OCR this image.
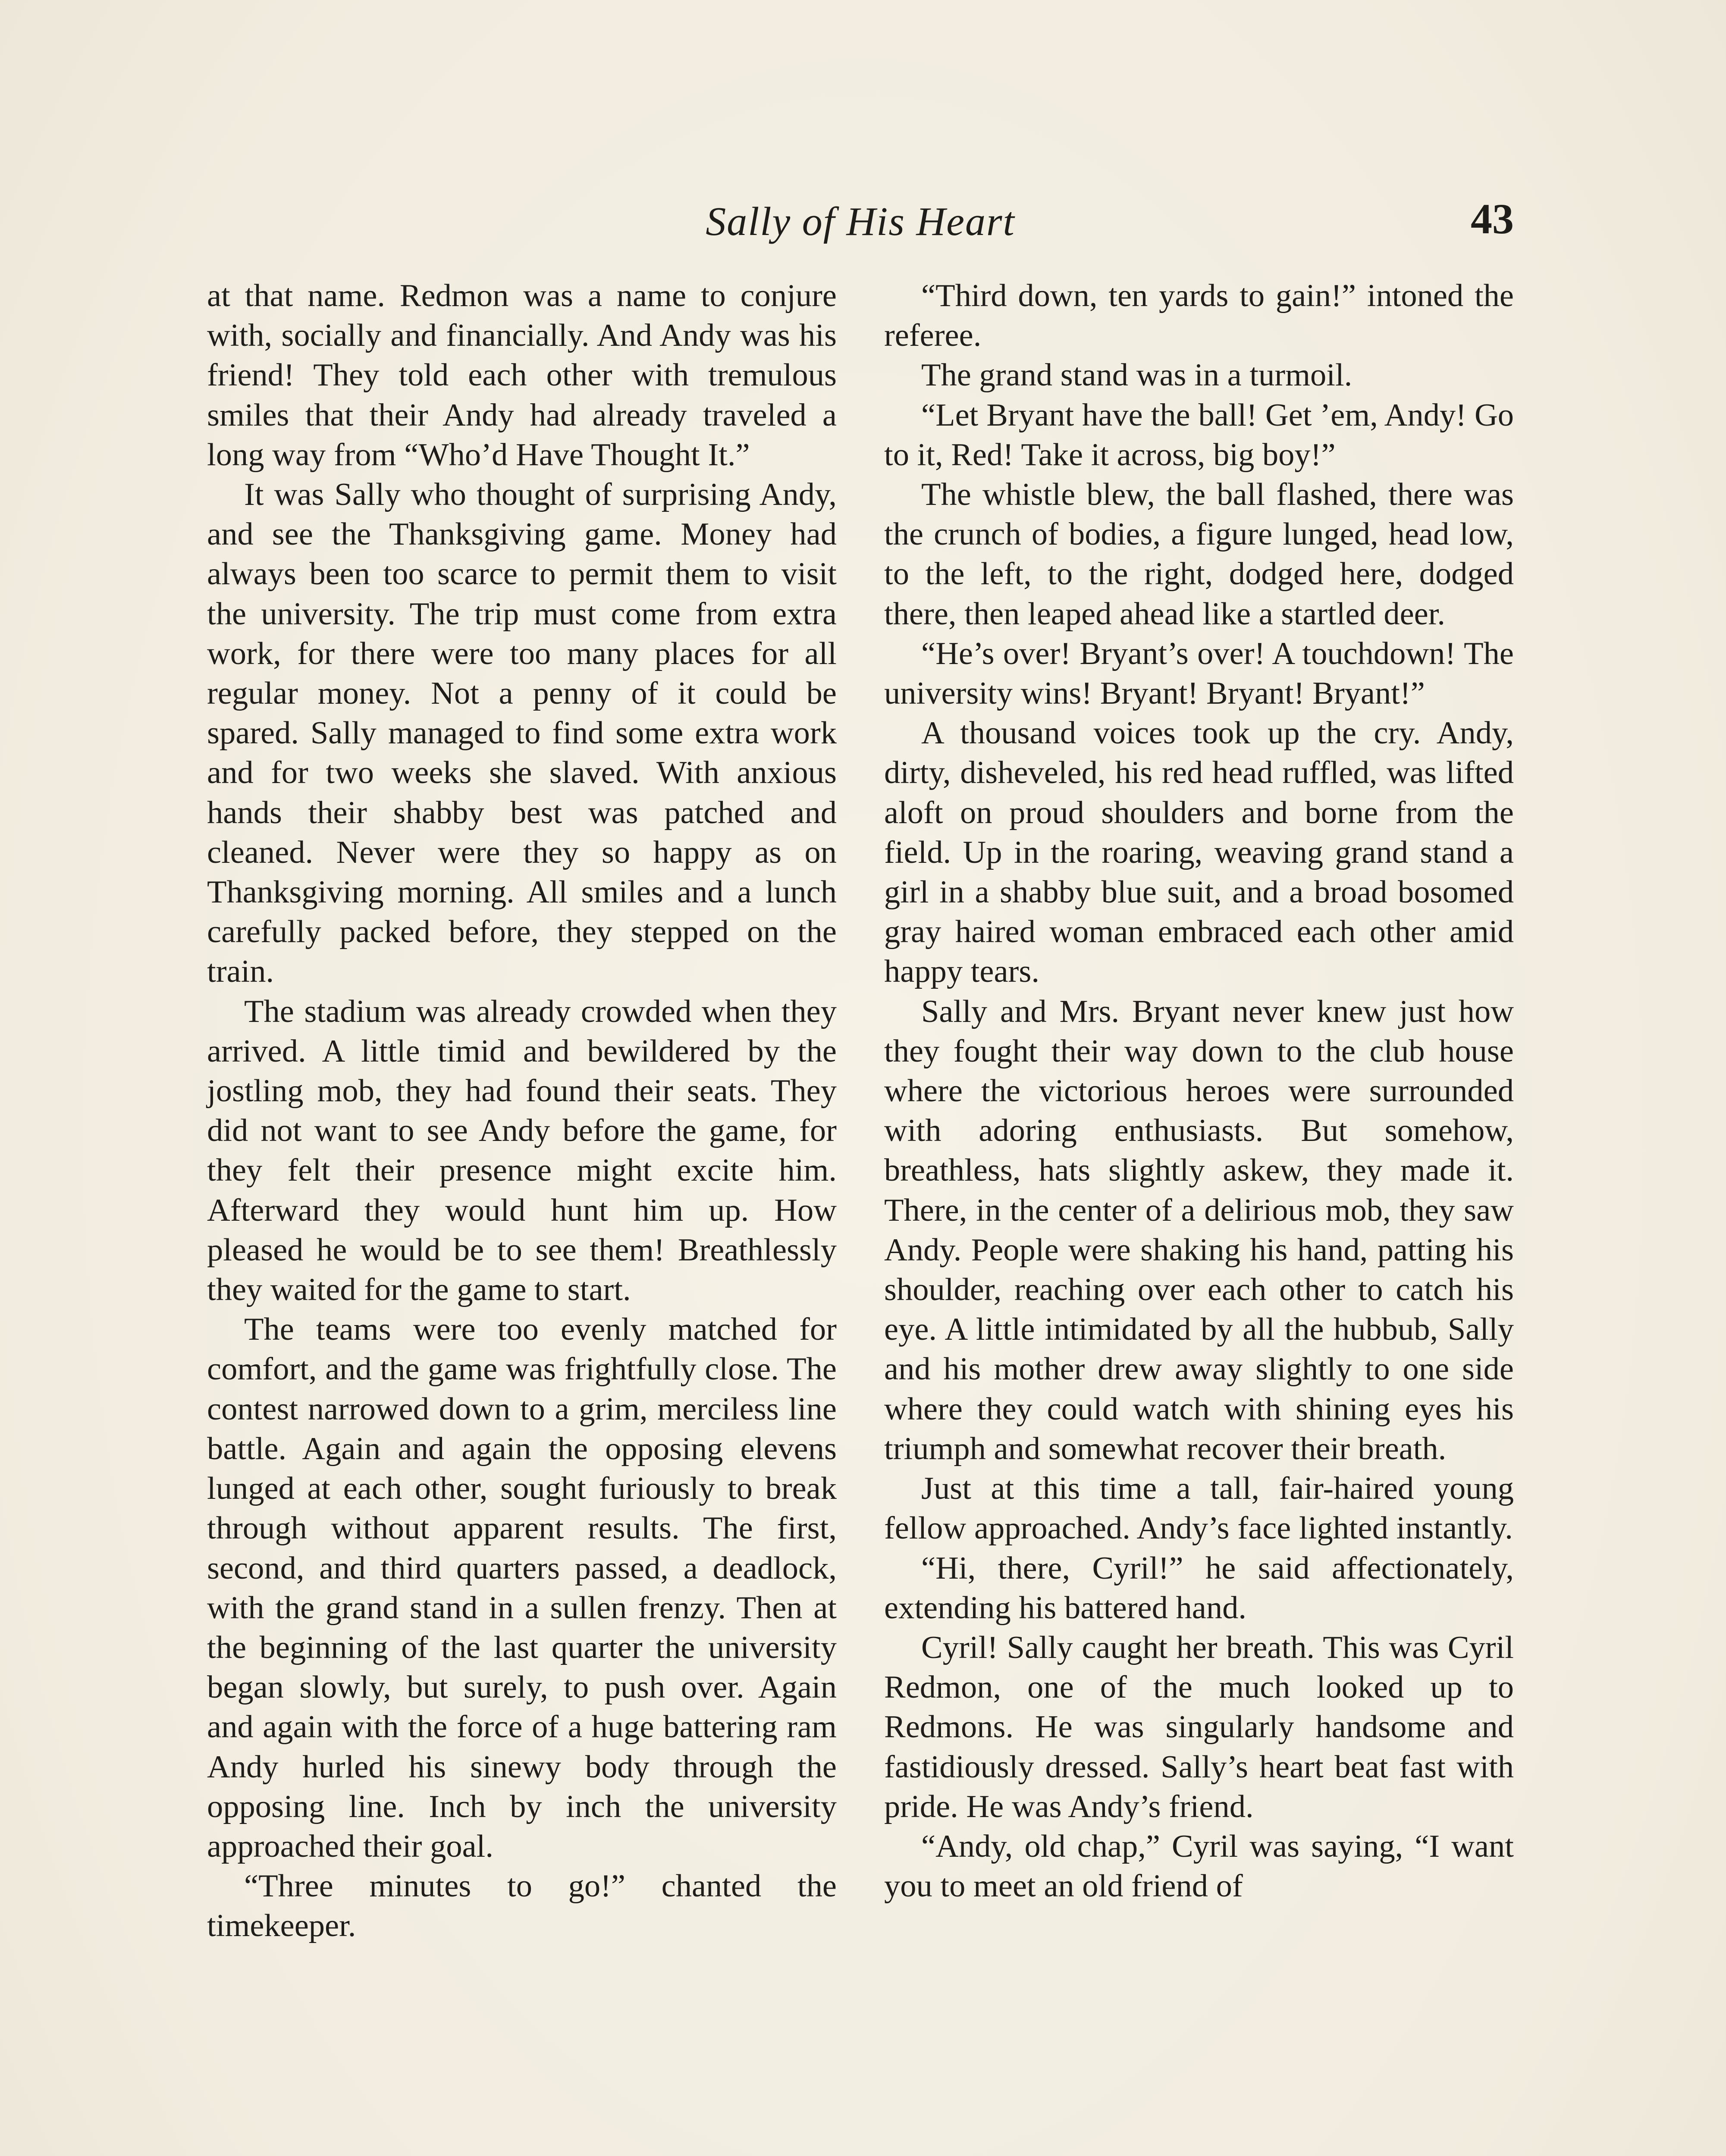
Sally of His Heart	43

at that name. Redmon was a name to conjure with, socially and financially. And Andy was his friend! They told each other with tremulous smiles that their Andy had already traveled a long way from “Who’d Have Thought It.”

It was Sally who thought of surprising Andy, and see the Thanksgiving game. Money had always been too scarce to permit them to visit the university. The trip must come from extra work, for there were too many places for all regular money. Not a penny of it could be spared. Sally managed to find some extra work and for two weeks she slaved. With anxious hands their shabby best was patched and cleaned. Never were they so happy as on Thanksgiving morning. All smiles and a lunch carefully packed before, they stepped on the train.

The stadium was already crowded when they arrived. A little timid and bewildered by the jostling mob, they had found their seats. They did not want to see Andy before the game, for they felt their presence might excite him. Afterward they would hunt him up. How pleased he would be to see them! Breathlessly they waited for the game to start.

The teams were too evenly matched for comfort, and the game was frightfully close. The contest narrowed down to a grim, merciless line battle. Again and again the opposing elevens lunged at each other, sought furiously to break through without apparent results. The first, second, and third quarters passed, a deadlock, with the grand stand in a sullen frenzy. Then at the beginning of the last quarter the university began slowly, but surely, to push over. Again and again with the force of a huge battering ram Andy hurled his sinewy body through the opposing line. Inch by inch the university approached their goal.

“Three minutes to go!” chanted the timekeeper.

“Third down, ten yards to gain!” intoned the referee.

The grand stand was in a turmoil.

“Let Bryant have the ball! Get ’em, Andy! Go to it, Red! Take it across, big boy!”

The whistle blew, the ball flashed, there was the crunch of bodies, a figure lunged, head low, to the left, to the right, dodged here, dodged there, then leaped ahead like a startled deer.

“He’s over! Bryant’s over! A touchdown! The university wins! Bryant! Bryant! Bryant!”

A thousand voices took up the cry. Andy, dirty, disheveled, his red head ruffled, was lifted aloft on proud shoulders and borne from the field. Up in the roaring, weaving grand stand a girl in a shabby blue suit, and a broad bosomed gray haired woman embraced each other amid happy tears.

Sally and Mrs. Bryant never knew just how they fought their way down to the club house where the victorious heroes were surrounded with adoring enthusiasts. But somehow, breathless, hats slightly askew, they made it. There, in the center of a delirious mob, they saw Andy. People were shaking his hand, patting his shoulder, reaching over each other to catch his eye. A little intimidated by all the hubbub, Sally and his mother drew away slightly to one side where they could watch with shining eyes his triumph and somewhat recover their breath.

Just at this time a tall, fair-haired young fellow approached. Andy’s face lighted instantly.

“Hi, there, Cyril!” he said affectionately, extending his battered hand.

Cyril! Sally caught her breath. This was Cyril Redmon, one of the much looked up to Redmons. He was singularly handsome and fastidiously dressed. Sally’s heart beat fast with pride. He was Andy’s friend.

“Andy, old chap,” Cyril was saying, “I want you to meet an old friend of
